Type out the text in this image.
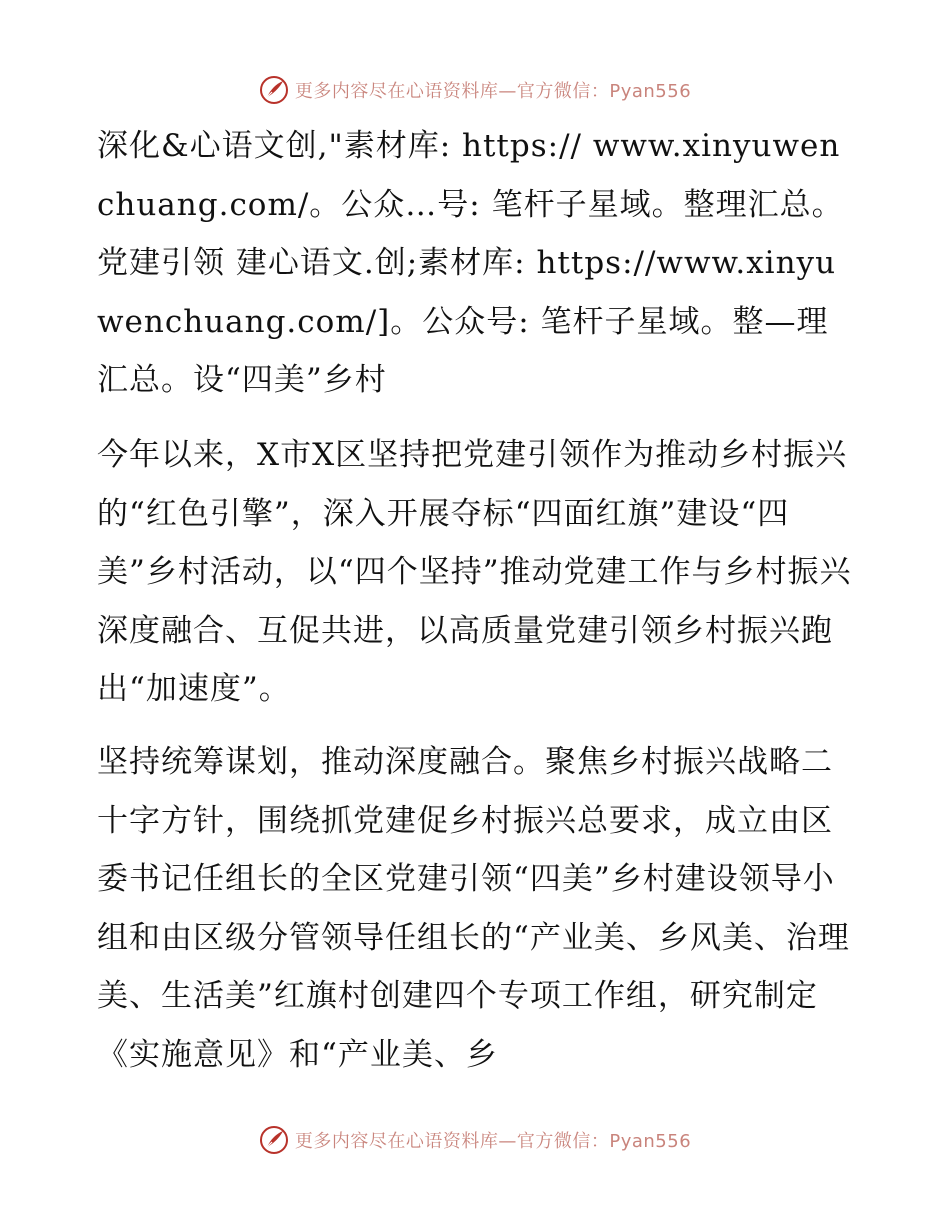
更多内容尽在心语资料库—官方微信：Pyan556

深化&心语文创,"素材库: https:// www.xinyuwenchuang.com/。公众…号: 笔杆子星域。整理汇总。党建引领 建心语文.创;素材库: https://www.xinyuwenchuang.com/]。公众号: 笔杆子星域。整—理汇总。设“四美”乡村

今年以来，X市X区坚持把党建引领作为推动乡村振兴的“红色引擎”，深入开展夺标“四面红旗”建设“四美”乡村活动，以“四个坚持”推动党建工作与乡村振兴深度融合、互促共进，以高质量党建引领乡村振兴跑出“加速度”。

坚持统筹谋划，推动深度融合。聚焦乡村振兴战略二十字方针，围绕抓党建促乡村振兴总要求，成立由区委书记任组长的全区党建引领“四美”乡村建设领导小组和由区级分管领导任组长的“产业美、乡风美、治理美、生活美”红旗村创建四个专项工作组，研究制定《实施意见》和“产业美、乡

更多内容尽在心语资料库—官方微信：Pyan556
